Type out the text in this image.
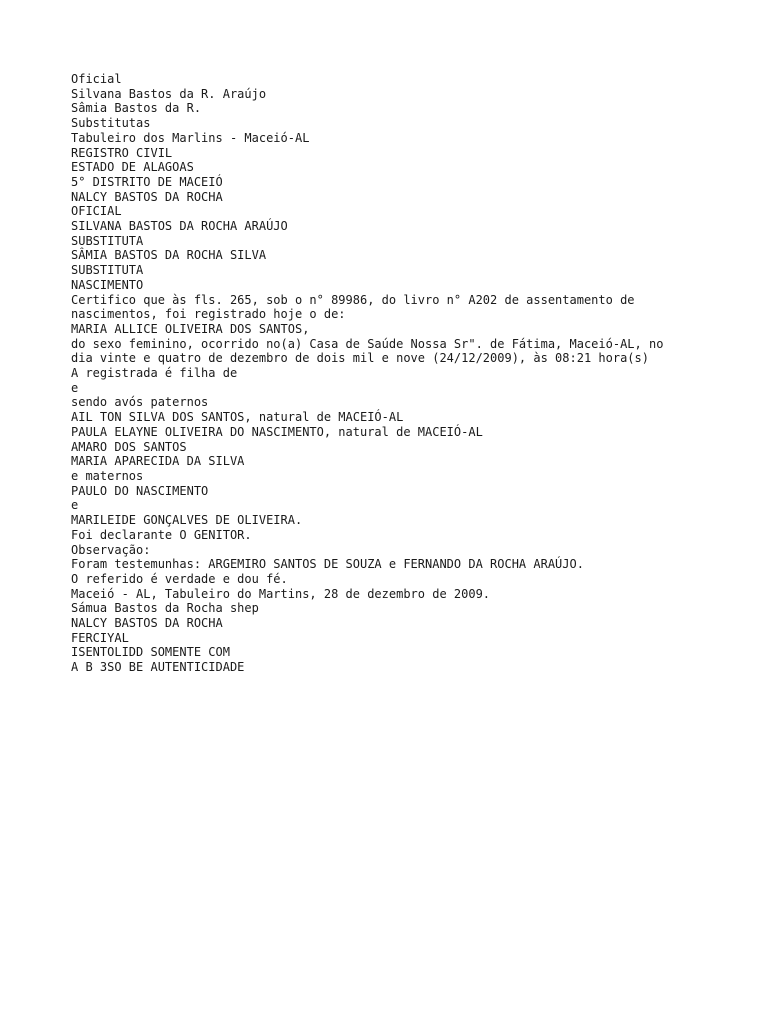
Oficial
Silvana Bastos da R. Araújo
Sâmia Bastos da R.
Substitutas
Tabuleiro dos Marlins - Maceió-AL
REGISTRO CIVIL
ESTADO DE ALAGOAS
5° DISTRITO DE MACEIÓ
NALCY BASTOS DA ROCHA
OFICIAL
SILVANA BASTOS DA ROCHA ARAÚJO
SUBSTITUTA
SÂMIA BASTOS DA ROCHA SILVA
SUBSTITUTA
NASCIMENTO
Certifico que às fls. 265, sob o n° 89986, do livro n° A202 de assentamento de
nascimentos, foi registrado hoje o de:
MARIA ALLICE OLIVEIRA DOS SANTOS,
do sexo feminino, ocorrido no(a) Casa de Saúde Nossa Sr". de Fátima, Maceió-AL, no
dia vinte e quatro de dezembro de dois mil e nove (24/12/2009), às 08:21 hora(s)
A registrada é filha de
e
sendo avós paternos
AIL TON SILVA DOS SANTOS, natural de MACEIÓ-AL
PAULA ELAYNE OLIVEIRA DO NASCIMENTO, natural de MACEIÓ-AL
AMARO DOS SANTOS
MARIA APARECIDA DA SILVA
e maternos
PAULO DO NASCIMENTO
e
MARILEIDE GONÇALVES DE OLIVEIRA.
Foi declarante O GENITOR.
Observação:
Foram testemunhas: ARGEMIRO SANTOS DE SOUZA e FERNANDO DA ROCHA ARAÚJO.
O referido é verdade e dou fé.
Maceió - AL, Tabuleiro do Martins, 28 de dezembro de 2009.
Sámua Bastos da Rocha shep
NALCY BASTOS DA ROCHA
FERCIYAL
ISENTOLIDD SOMENTE COM
A B 3SO BE AUTENTICIDADE
